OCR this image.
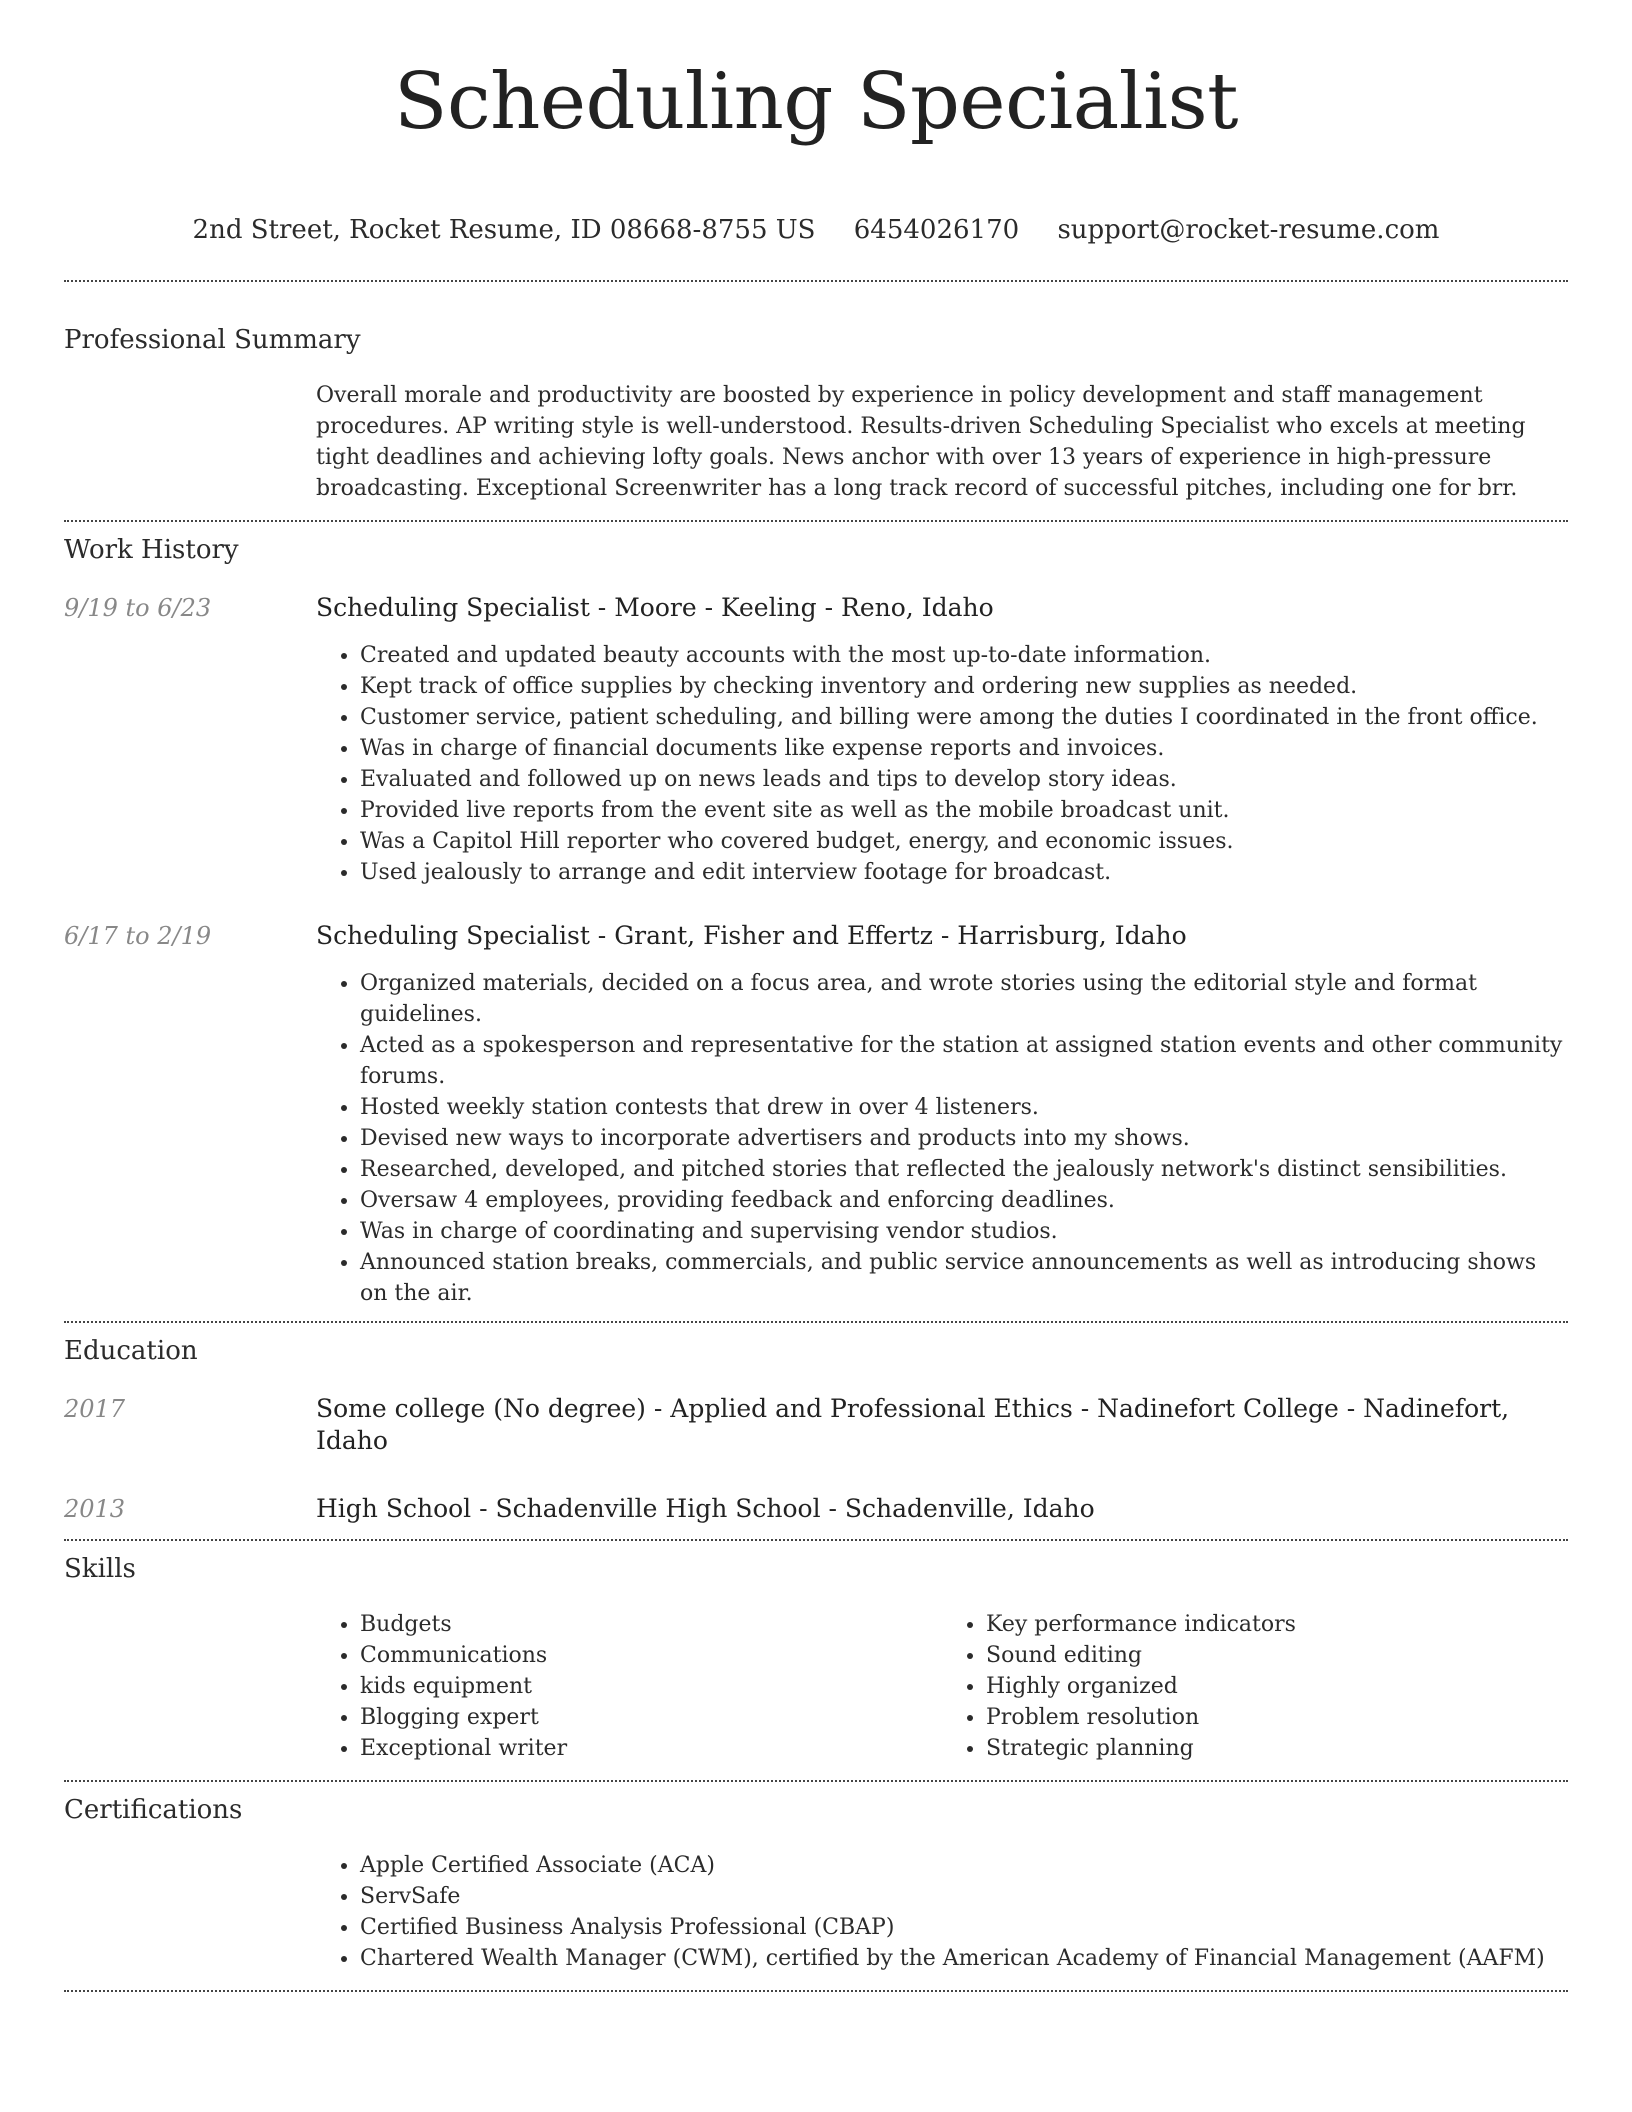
Scheduling Specialist
2nd Street, Rocket Resume, ID 08668-8755 US 6454026170 support@rocket-resume.com
Professional Summary
Overall morale and productivity are boosted by experience in policy development and staff management procedures. AP writing style is well-understood. Results-driven Scheduling Specialist who excels at meeting tight deadlines and achieving lofty goals. News anchor with over 13 years of experience in high-pressure broadcasting. Exceptional Screenwriter has a long track record of successful pitches, including one for brr.
Work History
9/19 to 6/23	Scheduling Specialist - Moore - Keeling - Reno, Idaho
• Created and updated beauty accounts with the most up-to-date information.
• Kept track of office supplies by checking inventory and ordering new supplies as needed.
• Customer service, patient scheduling, and billing were among the duties I coordinated in the front office.
• Was in charge of financial documents like expense reports and invoices.
• Evaluated and followed up on news leads and tips to develop story ideas.
• Provided live reports from the event site as well as the mobile broadcast unit.
• Was a Capitol Hill reporter who covered budget, energy, and economic issues.
• Used jealously to arrange and edit interview footage for broadcast.
6/17 to 2/19	Scheduling Specialist - Grant, Fisher and Effertz - Harrisburg, Idaho
• Organized materials, decided on a focus area, and wrote stories using the editorial style and format guidelines.
• Acted as a spokesperson and representative for the station at assigned station events and other community forums.
• Hosted weekly station contests that drew in over 4 listeners.
• Devised new ways to incorporate advertisers and products into my shows.
• Researched, developed, and pitched stories that reflected the jealously network's distinct sensibilities.
• Oversaw 4 employees, providing feedback and enforcing deadlines.
• Was in charge of coordinating and supervising vendor studios.
• Announced station breaks, commercials, and public service announcements as well as introducing shows on the air.
Education
2017	Some college (No degree) - Applied and Professional Ethics - Nadinefort College - Nadinefort, Idaho
2013	High School - Schadenville High School - Schadenville, Idaho
Skills
• Budgets
• Communications
• kids equipment
• Blogging expert
• Exceptional writer
• Key performance indicators
• Sound editing
• Highly organized
• Problem resolution
• Strategic planning
Certifications
• Apple Certified Associate (ACA)
• ServSafe
• Certified Business Analysis Professional (CBAP)
• Chartered Wealth Manager (CWM), certified by the American Academy of Financial Management (AAFM)
